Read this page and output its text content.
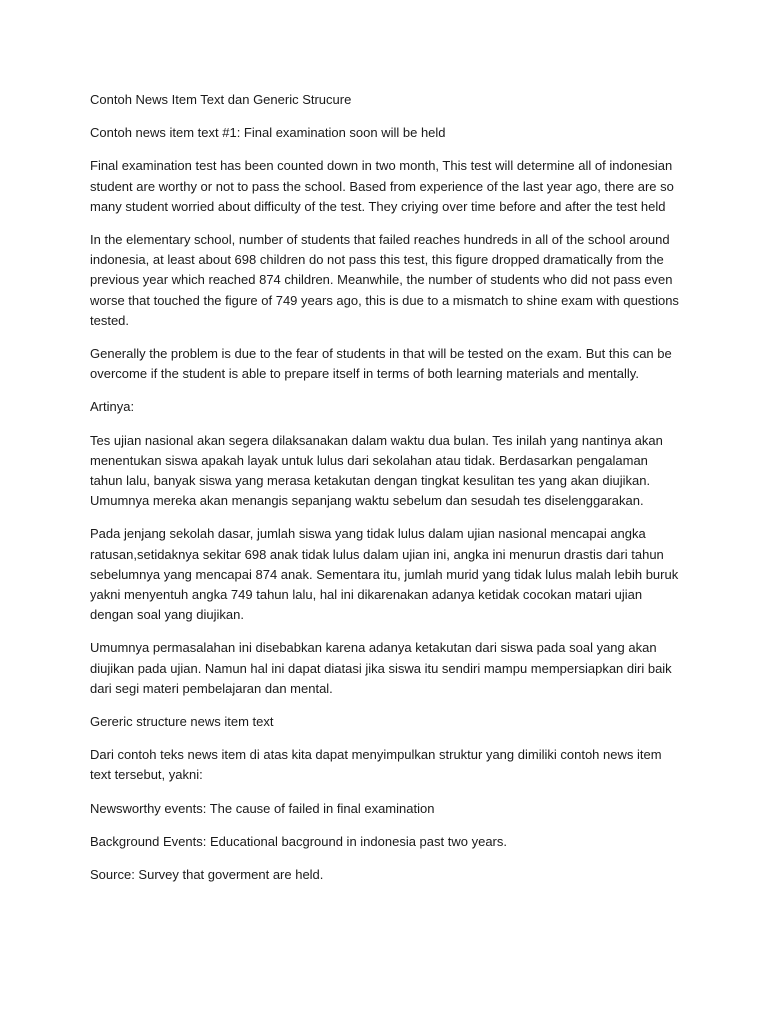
Contoh News Item Text dan Generic Strucure

Contoh news item text #1: Final examination soon will be held

Final examination test has been counted down in two month, This test will determine all of indonesian student are worthy or not to pass the school. Based from experience of the last year ago, there are so many student worried about difficulty of the test. They criying over time before and after the test held

In the elementary school, number of students that failed reaches hundreds in all of the school around indonesia, at least about 698 children do not pass this test, this figure dropped dramatically from the previous year which reached 874 children. Meanwhile, the number of students who did not pass even worse that touched the figure of 749 years ago, this is due to a mismatch to shine exam with questions tested.

Generally the problem is due to the fear of students in that will be tested on the exam. But this can be overcome if the student is able to prepare itself in terms of both learning materials and mentally.

Artinya:

Tes ujian nasional akan segera dilaksanakan dalam waktu dua bulan. Tes inilah yang nantinya akan menentukan siswa apakah layak untuk lulus dari sekolahan atau tidak. Berdasarkan pengalaman tahun lalu, banyak siswa yang merasa ketakutan dengan tingkat kesulitan tes yang akan diujikan. Umumnya mereka akan menangis sepanjang waktu sebelum dan sesudah tes diselenggarakan.

Pada jenjang sekolah dasar, jumlah siswa yang tidak lulus dalam ujian nasional mencapai angka ratusan,setidaknya sekitar 698 anak tidak lulus dalam ujian ini, angka ini menurun drastis dari tahun sebelumnya yang mencapai 874 anak. Sementara itu, jumlah murid yang tidak lulus malah lebih buruk yakni menyentuh angka 749 tahun lalu, hal ini dikarenakan adanya ketidak cocokan matari ujian dengan soal yang diujikan.

Umumnya permasalahan ini disebabkan karena adanya ketakutan dari siswa pada soal yang akan diujikan pada ujian. Namun hal ini dapat diatasi jika siswa itu sendiri mampu mempersiapkan diri baik dari segi materi pembelajaran dan mental.

Gereric structure news item text

Dari contoh teks news item di atas kita dapat menyimpulkan struktur yang dimiliki contoh news item text tersebut, yakni:

Newsworthy events: The cause of failed in final examination

Background Events: Educational bacground in indonesia past two years.

Source: Survey that goverment are held.
